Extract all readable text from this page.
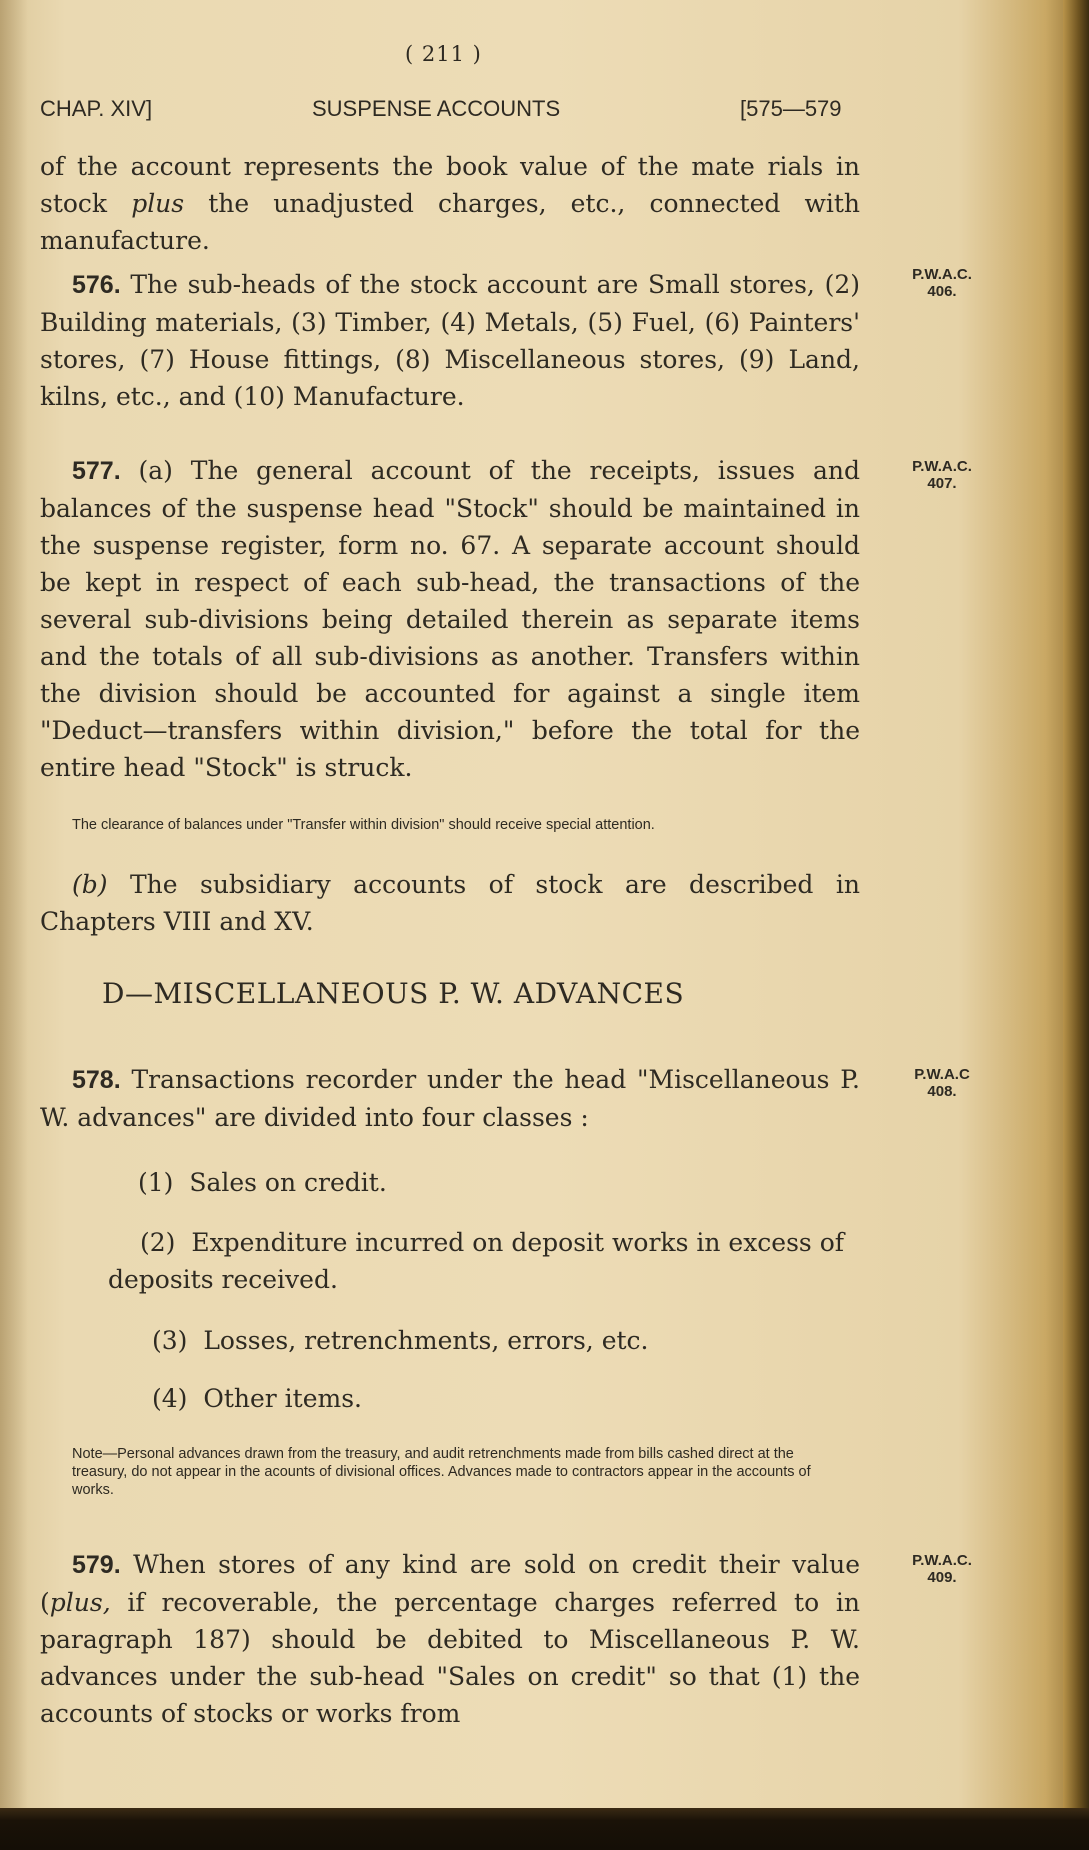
( 211 )
CHAP. XIV]	SUSPENSE ACCOUNTS	[575—579
of the account represents the book value of the mate rials in stock plus the unadjusted charges, etc., connected with manufacture.
576. The sub-heads of the stock account are Small stores, (2) Building materials, (3) Timber, (4) Metals, (5) Fuel, (6) Painters' stores, (7) House fittings, (8) Miscellaneous stores, (9) Land, kilns, etc., and (10) Manufacture.
P.W.A.C.
406.
577. (a) The general account of the receipts, issues and balances of the suspense head "Stock" should be maintained in the suspense register, form no. 67. A separate account should be kept in respect of each sub-head, the transactions of the several sub-divisions being detailed therein as separate items and the totals of all sub-divisions as another. Transfers within the division should be accounted for against a single item "Deduct—transfers within division," before the total for the entire head "Stock" is struck.
P.W.A.C.
407.
The clearance of balances under "Transfer within division" should receive special attention.
(b) The subsidiary accounts of stock are described in Chapters VIII and XV.
D—MISCELLANEOUS P. W. ADVANCES
578. Transactions recorder under the head "Miscellaneous P. W. advances" are divided into four classes :
P.W.A.C
408.
(1) Sales on credit.
(2) Expenditure incurred on deposit works in excess of deposits received.
(3) Losses, retrenchments, errors, etc.
(4) Other items.
Note—Personal advances drawn from the treasury, and audit retrenchments made from bills cashed direct at the treasury, do not appear in the acounts of divisional offices. Advances made to contractors appear in the accounts of works.
579. When stores of any kind are sold on credit their value (plus, if recoverable, the percentage charges referred to in paragraph 187) should be debited to Miscellaneous P. W. advances under the sub-head "Sales on credit" so that (1) the accounts of stocks or works from
P.W.A.C.
409.
